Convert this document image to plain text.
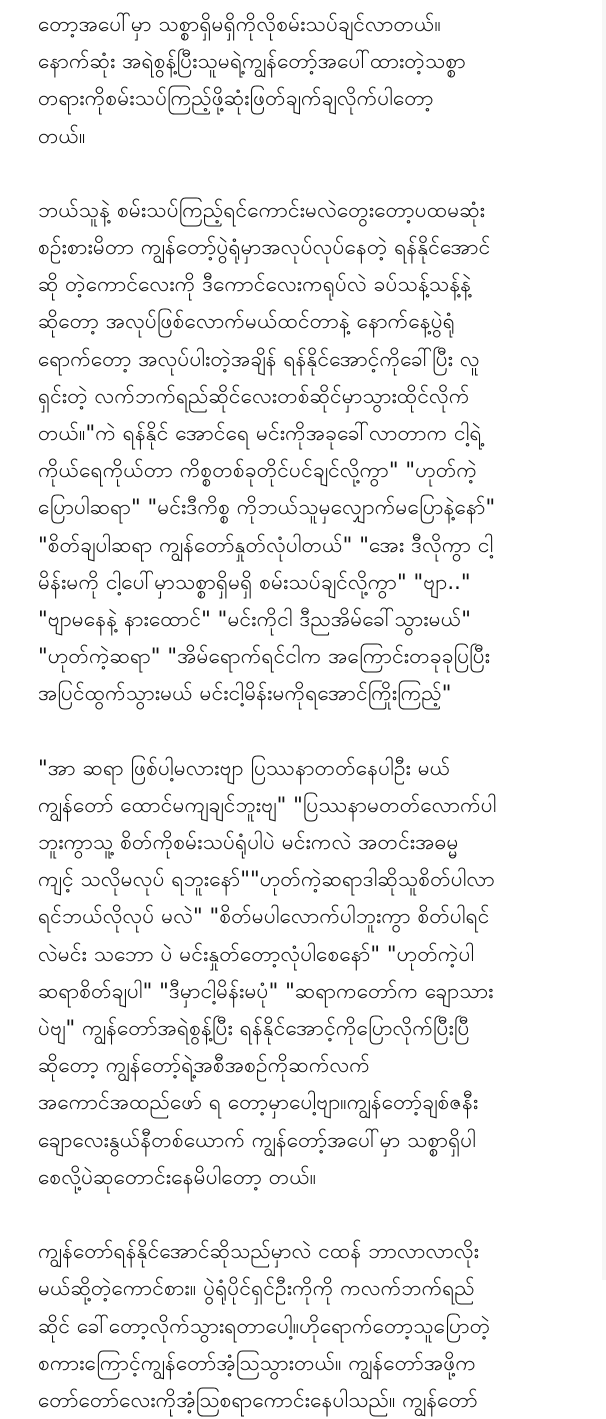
တော့အပေါ်မှာ သစ္စာရှိမရှိကိုလိုစမ်းသပ်ချင်လာတယ်။
နောက်ဆုံး အရဲစွန့်ပြီးသူမရဲ့ကျွန်တော့်အပေါ်ထားတဲ့သစ္စာ
တရားကိုစမ်းသပ်ကြည့်ဖို့ဆုံးဖြတ်ချက်ချလိုက်ပါတော့
တယ်။
ဘယ်သူနဲ့ စမ်းသပ်ကြည့်ရင်ကောင်းမလဲတွေးတော့ပထမဆုံး
စဉ်းစားမိတာ ကျွန်တော့်ပွဲရုံမှာအလုပ်လုပ်နေတဲ့ ရန်နိုင်အောင်
ဆို တဲ့ကောင်လေးကို ဒီကောင်လေးကရုပ်လဲ ခပ်သန့်သန့်နဲ့
ဆိုတော့ အလုပ်ဖြစ်လောက်မယ်ထင်တာနဲ့ နောက်နေ့ပွဲရုံ
ရောက်တော့ အလုပ်ပါးတဲ့အချိန် ရန်နိုင်အောင့်ကိုခေါ်ပြီး လူ
ရှင်းတဲ့ လက်ဘက်ရည်ဆိုင်လေးတစ်ဆိုင်မှာသွားထိုင်လိုက်
တယ်။"ကဲ ရန်နိုင် အောင်ရေ မင်းကိုအခုခေါ်လာတာက ငါ့ရဲ့
ကိုယ်ရေကိုယ်တာ ကိစ္စတစ်ခုတိုင်ပင်ချင်လို့ကွာ" "ဟုတ်ကဲ့
ပြောပါဆရာ" "မင်းဒီကိစ္စ ကိုဘယ်သူမှလျှောက်မပြောနဲ့နော်"
"စိတ်ချပါဆရာ ကျွန်တော်နှုတ်လုံပါတယ်" "အေး ဒီလိုကွာ ငါ့
မိန်းမကို ငါ့ပေါ်မှာသစ္စာရှိမရှိ စမ်းသပ်ချင်လို့ကွာ" "ဗျာ.."
"ဗျာမနေနဲ့ နားထောင်" "မင်းကိုငါ ဒီညအိမ်ခေါ်သွားမယ်"
"ဟုတ်ကဲ့ဆရာ" "အိမ်ရောက်ရင်ငါက အကြောင်းတခုခုပြပြီး
အပြင်ထွက်သွားမယ် မင်းငါ့မိန်းမကိုရအောင်ကြိုးကြည့်"
"အာ ဆရာ ဖြစ်ပါ့မလားဗျာ ပြဿနာတတ်နေပါဦး မယ်
ကျွန်တော် ထောင်မကျချင်ဘူးဗျ" "ပြဿနာမတတ်လောက်ပါ
ဘူးကွာသူ့ စိတ်ကိုစမ်းသပ်ရုံပါပဲ မင်းကလဲ အတင်းအဓမ္မ
ကျင့် သလိုမလုပ် ရဘူးနော်""ဟုတ်ကဲ့ဆရာဒါဆိုသူစိတ်ပါလာ
ရင်ဘယ်လိုလုပ် မလဲ" "စိတ်မပါလောက်ပါဘူးကွာ စိတ်ပါရင်
လဲမင်း သဘော ပဲ မင်းနှုတ်တော့လုံပါစေနော်" "ဟုတ်ကဲ့ပါ
ဆရာစိတ်ချပါ" "ဒီမှာငါ့မိန်းမပုံ" "ဆရာကတော်က ချောသား
ပဲဗျ" ကျွန်တော်အရဲစွန့်ပြီး ရန်နိုင်အောင့်ကိုပြောလိုက်ပြီးပြီ
ဆိုတော့ ကျွန်တော့်ရဲ့အစီအစဉ်ကိုဆက်လက်
အကောင်အထည်ဖော် ရ တော့မှာပေါ့ဗျာ။ကျွန်တော့်ချစ်ဇနီး
ချောလေးနွယ်နီတစ်ယောက် ကျွန်တော့်အပေါ်မှာ သစ္စာရှိပါ
စေလို့ပဲဆုတောင်းနေမိပါတော့ တယ်။
ကျွန်တော်ရန်နိုင်အောင်ဆိုသည်မှာလဲ ငထန် ဘာလာလာလိုး
မယ်ဆို့တဲ့ကောင်စား။ ပွဲရုံပိုင်ရှင်ဦးကိုကို ကလက်ဘက်ရည်
ဆိုင် ခေါ်တော့လိုက်သွားရတာပေါ့။ဟိုရောက်တော့သူပြောတဲ့
စကားကြောင့်ကျွန်တော်အံ့သြသွားတယ်။ ကျွန်တော်အဖို့က
တော်တော်လေးကိုအံ့သြစရာကောင်းနေပါသည်။ ကျွန်တော်
